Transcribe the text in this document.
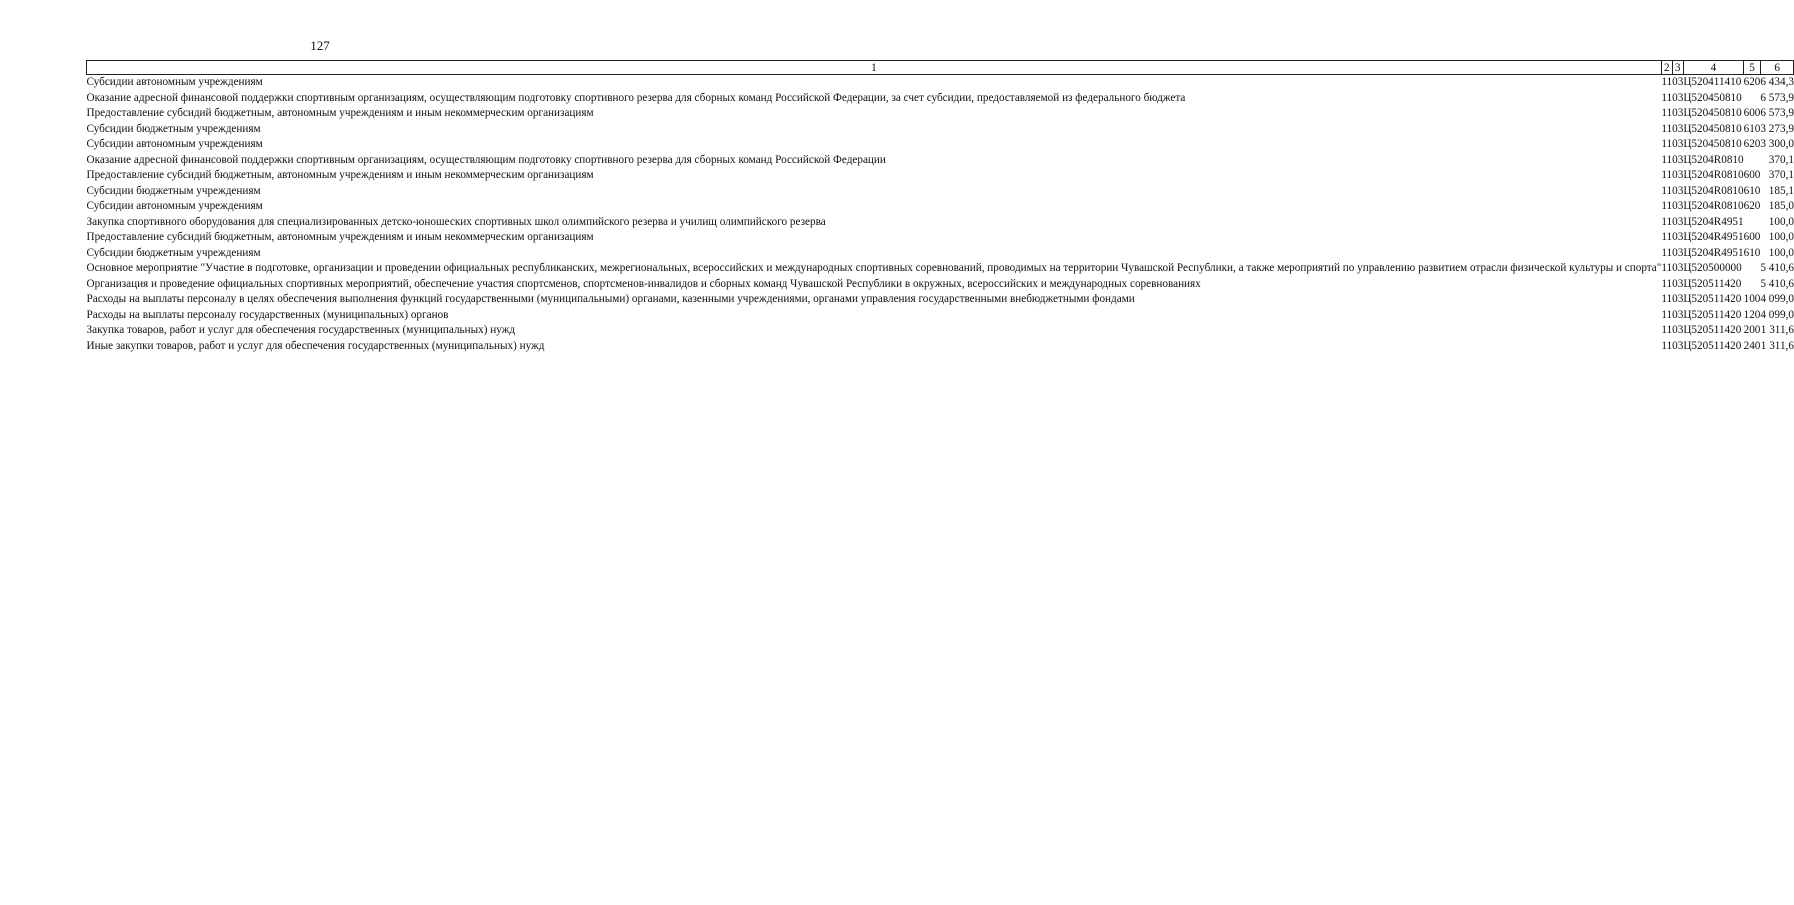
127
1	2	3	4	5	6
Субсидии автономным учреждениям	11	03	Ц520411410	620	6 434,3
Оказание адресной финансовой поддержки спортивным организациям, осуществляющим подготовку спортивного резерва для сборных команд Российской Федерации, за счет субсидии, предоставляемой из федерального бюджета	11	03	Ц520450810		6 573,9
Предоставление субсидий бюджетным, автономным учреждениям и иным некоммерческим организациям	11	03	Ц520450810	600	6 573,9
Субсидии бюджетным учреждениям	11	03	Ц520450810	610	3 273,9
Субсидии автономным учреждениям	11	03	Ц520450810	620	3 300,0
Оказание адресной финансовой поддержки спортивным организациям, осуществляющим подготовку спортивного резерва для сборных команд Российской Федерации	11	03	Ц5204R0810		370,1
Предоставление субсидий бюджетным, автономным учреждениям и иным некоммерческим организациям	11	03	Ц5204R0810	600	370,1
Субсидии бюджетным учреждениям	11	03	Ц5204R0810	610	185,1
Субсидии автономным учреждениям	11	03	Ц5204R0810	620	185,0
Закупка спортивного оборудования для специализированных детско-юношеских спортивных школ олимпийского резерва и училищ олимпийского резерва	11	03	Ц5204R4951		100,0
Предоставление субсидий бюджетным, автономным учреждениям и иным некоммерческим организациям	11	03	Ц5204R4951	600	100,0
Субсидии бюджетным учреждениям	11	03	Ц5204R4951	610	100,0
Основное мероприятие "Участие в подготовке, организации и проведении официальных республиканских, межрегиональных, всероссийских и международных спортивных соревнований, проводимых на территории Чувашской Республики, а также мероприятий по управлению развитием отрасли физической культуры и спорта"	11	03	Ц520500000		5 410,6
Организация и проведение официальных спортивных мероприятий, обеспечение участия спортсменов, спортсменов-инвалидов и сборных команд Чувашской Республики в окружных, всероссийских и международных соревнованиях	11	03	Ц520511420		5 410,6
Расходы на выплаты персоналу в целях обеспечения выполнения функций государственными (муниципальными) органами, казенными учреждениями, органами управления государственными внебюджетными фондами	11	03	Ц520511420	100	4 099,0
Расходы на выплаты персоналу государственных (муниципальных) органов	11	03	Ц520511420	120	4 099,0
Закупка товаров, работ и услуг для обеспечения государственных (муниципальных) нужд	11	03	Ц520511420	200	1 311,6
Иные закупки товаров, работ и услуг для обеспечения государственных (муниципальных) нужд	11	03	Ц520511420	240	1 311,6
